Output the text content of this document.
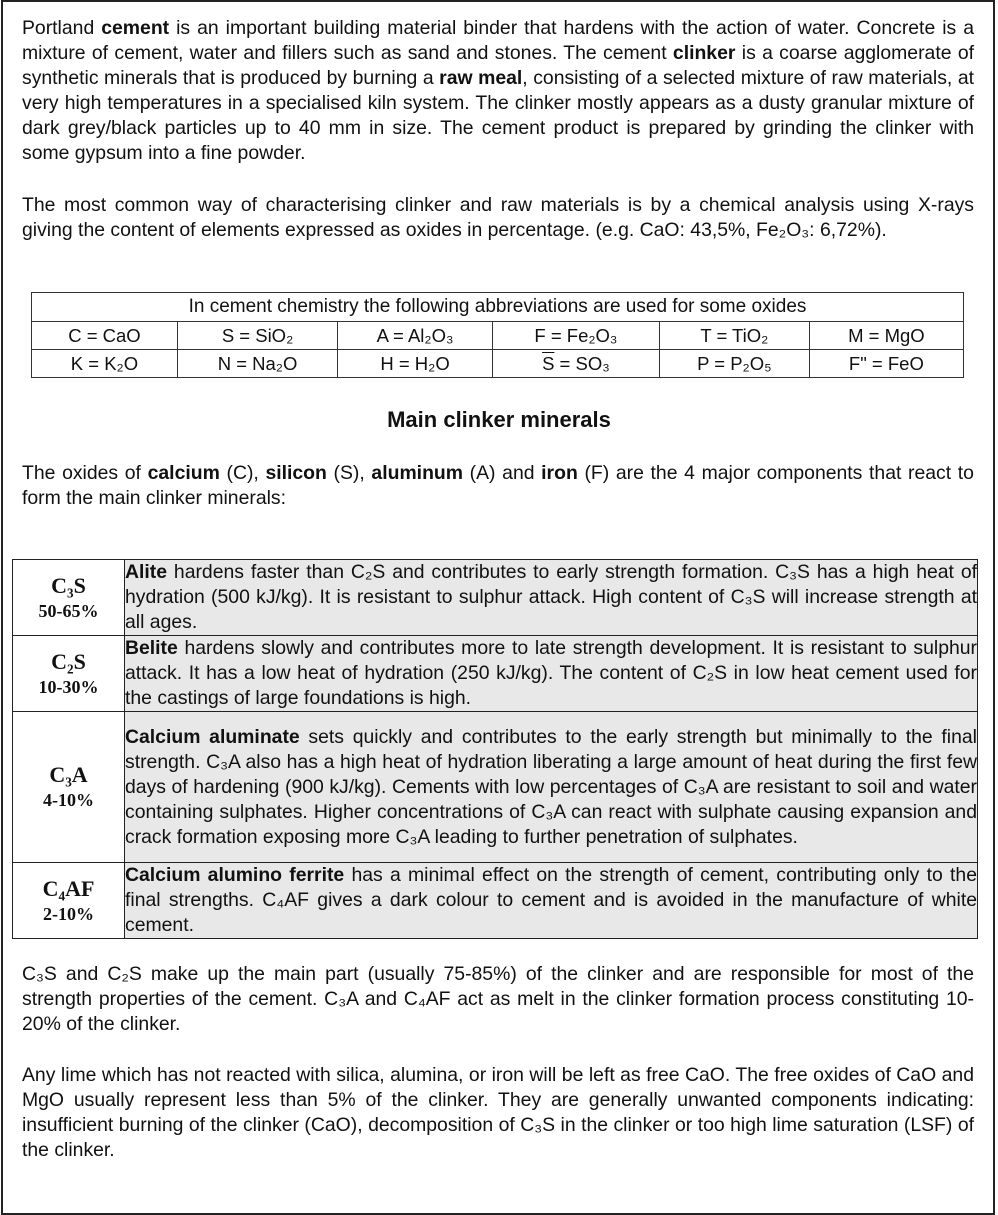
Portland cement is an important building material binder that hardens with the action of water. Concrete is a mixture of cement, water and fillers such as sand and stones. The cement clinker is a coarse agglomerate of synthetic minerals that is produced by burning a raw meal, consisting of a selected mixture of raw materials, at very high temperatures in a specialised kiln system. The clinker mostly appears as a dusty granular mixture of dark grey/black particles up to 40 mm in size. The cement product is prepared by grinding the clinker with some gypsum into a fine powder.

The most common way of characterising clinker and raw materials is by a chemical analysis using X-rays giving the content of elements expressed as oxides in percentage. (e.g. CaO: 43,5%, Fe₂O₃: 6,72%).

In cement chemistry the following abbreviations are used for some oxides					
C = CaO	S = SiO₂	A = Al₂O₃	F = Fe₂O₃	T = TiO₂	M = MgO
K = K₂O	N = Na₂O	H = H₂O	$\overline{S} = SO_3$	P = P₂O₅	F" = FeO
Main clinker minerals

The oxides of calcium (C), silicon (S), aluminum (A) and iron (F) are the 4 major components that react to form the main clinker minerals:

C₃S
50-65%	Alite hardens faster than C₂S and contributes to early strength formation. C₃S has a high heat of hydration (500 kJ/kg). It is resistant to sulphur attack. High content of C₃S will increase strength at all ages.

C₂S
10-30%	Belite hardens slowly and contributes more to late strength development. It is resistant to sulphur attack. It has a low heat of hydration (250 kJ/kg). The content of C₂S in low heat cement used for the castings of large foundations is high.

C₃A
4-10%	Calcium aluminate sets quickly and contributes to the early strength but minimally to the final strength. C₃A also has a high heat of hydration liberating a large amount of heat during the first few days of hardening (900 kJ/kg). Cements with low percentages of C₃A are resistant to soil and water containing sulphates. Higher concentrations of C₃A can react with sulphate causing expansion and crack formation exposing more C₃A leading to further penetration of sulphates.

C₄AF
2-10%	Calcium alumino ferrite has a minimal effect on the strength of cement, contributing only to the final strengths. C₄AF gives a dark colour to cement and is avoided in the manufacture of white cement.

C₃S and C₂S make up the main part (usually 75-85%) of the clinker and are responsible for most of the strength properties of the cement. C₃A and C₄AF act as melt in the clinker formation process constituting 10-20% of the clinker.

Any lime which has not reacted with silica, alumina, or iron will be left as free CaO. The free oxides of CaO and MgO usually represent less than 5% of the clinker. They are generally unwanted components indicating: insufficient burning of the clinker (CaO), decomposition of C₃S in the clinker or too high lime saturation (LSF) of the clinker.
